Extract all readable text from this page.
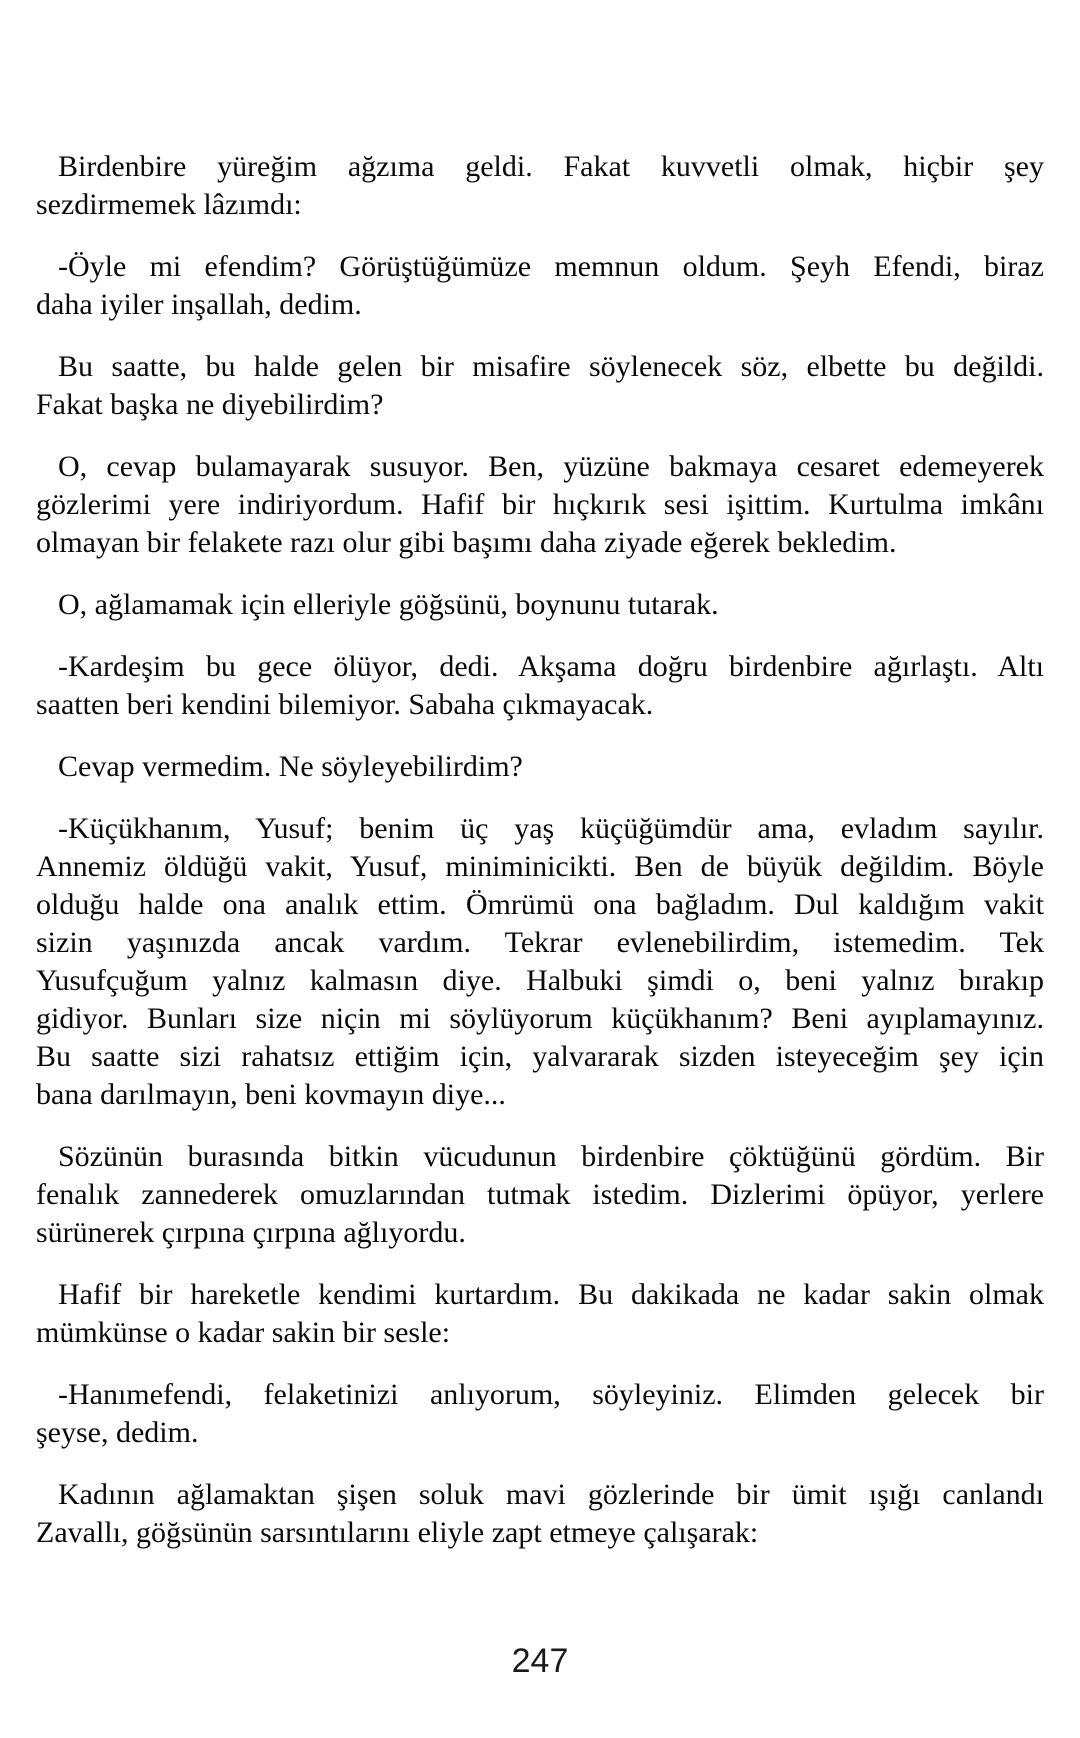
Birdenbire yüreğim ağzıma geldi. Fakat kuvvetli olmak, hiçbir şey
sezdirmemek lâzımdı:
-Öyle mi efendim? Görüştüğümüze memnun oldum. Şeyh Efendi, biraz
daha iyiler inşallah, dedim.
Bu saatte, bu halde gelen bir misafire söylenecek söz, elbette bu değildi.
Fakat başka ne diyebilirdim?
O, cevap bulamayarak susuyor. Ben, yüzüne bakmaya cesaret edemeyerek
gözlerimi yere indiriyordum. Hafif bir hıçkırık sesi işittim. Kurtulma imkânı
olmayan bir felakete razı olur gibi başımı daha ziyade eğerek bekledim.
O, ağlamamak için elleriyle göğsünü, boynunu tutarak.
-Kardeşim bu gece ölüyor, dedi. Akşama doğru birdenbire ağırlaştı. Altı
saatten beri kendini bilemiyor. Sabaha çıkmayacak.
Cevap vermedim. Ne söyleyebilirdim?
-Küçükhanım, Yusuf; benim üç yaş küçüğümdür ama, evladım sayılır.
Annemiz öldüğü vakit, Yusuf, miniminicikti. Ben de büyük değildim. Böyle
olduğu halde ona analık ettim. Ömrümü ona bağladım. Dul kaldığım vakit
sizin yaşınızda ancak vardım. Tekrar evlenebilirdim, istemedim. Tek
Yusufçuğum yalnız kalmasın diye. Halbuki şimdi o, beni yalnız bırakıp
gidiyor. Bunları size niçin mi söylüyorum küçükhanım? Beni ayıplamayınız.
Bu saatte sizi rahatsız ettiğim için, yalvararak sizden isteyeceğim şey için
bana darılmayın, beni kovmayın diye...
Sözünün burasında bitkin vücudunun birdenbire çöktüğünü gördüm. Bir
fenalık zannederek omuzlarından tutmak istedim. Dizlerimi öpüyor, yerlere
sürünerek çırpına çırpına ağlıyordu.
Hafif bir hareketle kendimi kurtardım. Bu dakikada ne kadar sakin olmak
mümkünse o kadar sakin bir sesle:
-Hanımefendi, felaketinizi anlıyorum, söyleyiniz. Elimden gelecek bir
şeyse, dedim.
Kadının ağlamaktan şişen soluk mavi gözlerinde bir ümit ışığı canlandı
Zavallı, göğsünün sarsıntılarını eliyle zapt etmeye çalışarak:
247
